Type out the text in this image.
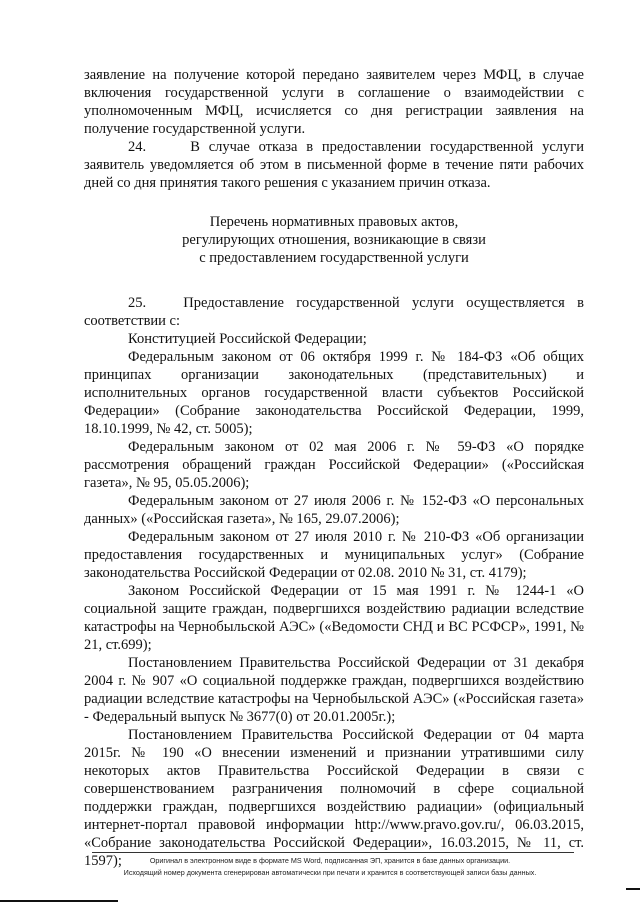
заявление на получение которой передано заявителем через МФЦ, в случае включения государственной услуги в соглашение о взаимодействии с уполномоченным МФЦ, исчисляется со дня регистрации заявления на получение государственной услуги.

24.     В случае отказа в предоставлении государственной услуги заявитель уведомляется об этом в письменной форме в течение пяти рабочих дней со дня принятия такого решения с указанием причин отказа.

Перечень нормативных правовых актов,
регулирующих отношения, возникающие в связи
с предоставлением государственной услуги

25.   Предоставление государственной услуги осуществляется в соответствии с:

Конституцией Российской Федерации;

Федеральным законом от 06 октября 1999 г. № 184-ФЗ «Об общих принципах организации законодательных (представительных) и исполнительных органов государственной власти субъектов Российской Федерации» (Собрание законодательства Российской Федерации, 1999, 18.10.1999, № 42, ст. 5005);

Федеральным законом от 02 мая 2006 г. № 59-ФЗ «О порядке рассмотрения обращений граждан Российской Федерации» («Российская газета», № 95, 05.05.2006);

Федеральным законом от 27 июля 2006 г. № 152-ФЗ «О персональных данных» («Российская газета», № 165, 29.07.2006);

Федеральным законом от 27 июля 2010 г. № 210-ФЗ «Об организации предоставления государственных и муниципальных услуг» (Собрание законодательства Российской Федерации от 02.08. 2010 № 31, ст. 4179);

Законом Российской Федерации от 15 мая 1991 г. № 1244-1 «О социальной защите граждан, подвергшихся воздействию радиации вследствие катастрофы на Чернобыльской АЭС» («Ведомости СНД и ВС РСФСР», 1991, № 21, ст.699);

Постановлением Правительства Российской Федерации от 31 декабря 2004 г. № 907 «О социальной поддержке граждан, подвергшихся воздействию радиации вследствие катастрофы на Чернобыльской АЭС» («Российская газета» - Федеральный выпуск № 3677(0) от 20.01.2005г.);

Постановлением Правительства Российской Федерации от 04 марта 2015г. № 190 «О внесении изменений и признании утратившими силу некоторых актов Правительства Российской Федерации в связи с совершенствованием разграничения полномочий в сфере социальной поддержки граждан, подвергшихся воздействию радиации» (официальный интернет-портал правовой информации http://www.pravo.gov.ru/, 06.03.2015, «Собрание законодательства Российской Федерации», 16.03.2015, № 11, ст. 1597);	Оригинал в электронном виде в формате MS Word, подписанная ЭП, хранится в базе данных организации.
Исходящий номер документа сгенерирован автоматически при печати и хранится в соответствующей записи базы данных.
